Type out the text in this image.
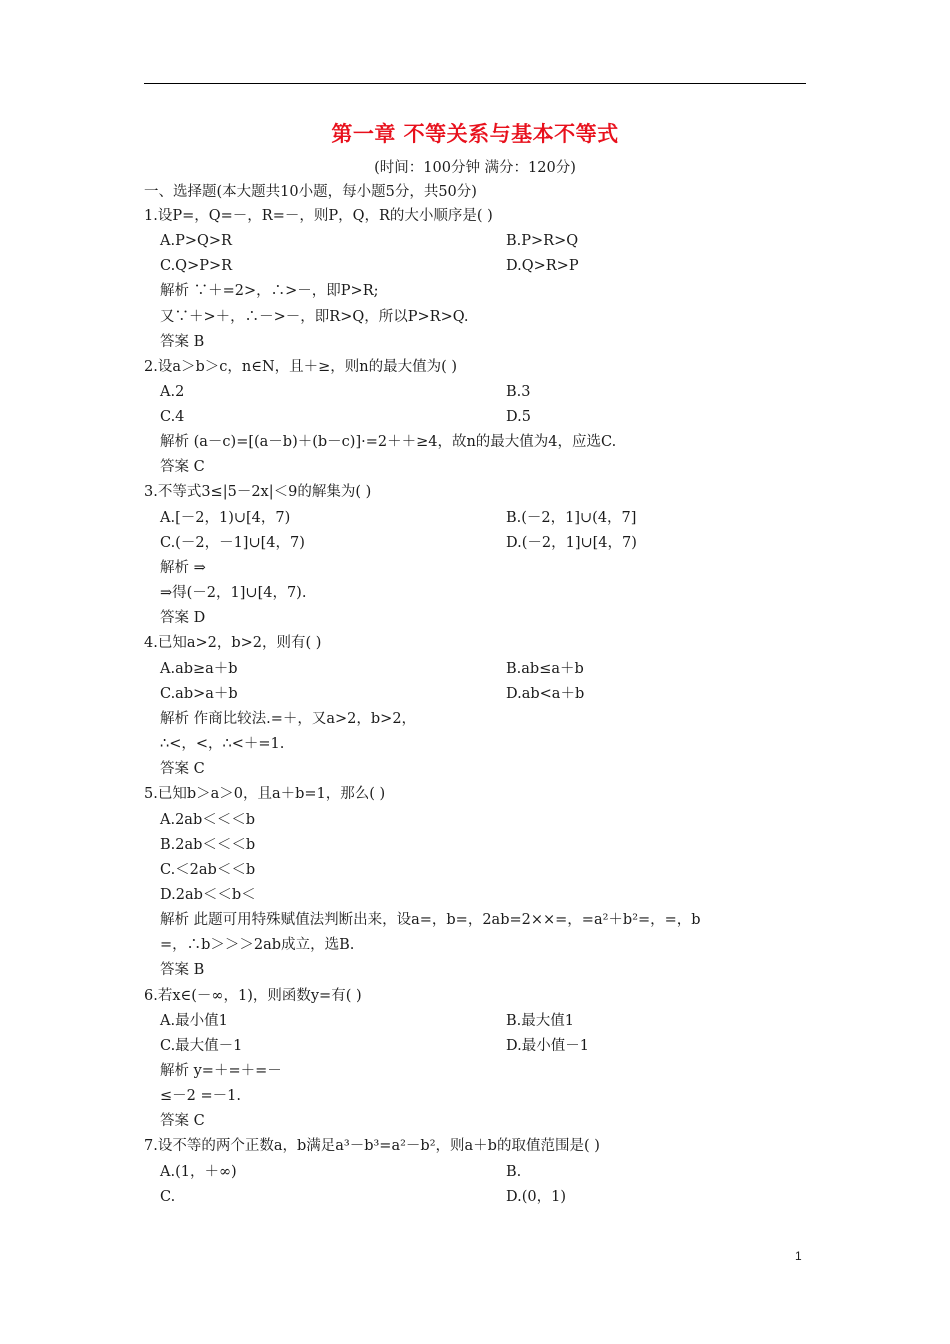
第一章 不等关系与基本不等式
(时间：100分钟 满分：120分)
一、选择题(本大题共10小题，每小题5分，共50分)
1.设P=，Q=－，R=－，则P，Q，R的大小顺序是( )
A.P>Q>R	B.P>R>Q
C.Q>P>R	D.Q>R>P
解析 ∵＋=2>，∴>－，即P>R;
又∵＋>＋，∴－>－，即R>Q，所以P>R>Q.
答案 B
2.设a＞b＞c，n∈N，且＋≥，则n的最大值为( )
A.2	B.3
C.4	D.5
解析 (a－c)=[(a－b)＋(b－c)]·=2＋＋≥4，故n的最大值为4，应选C.
答案 C
3.不等式3≤|5－2x|＜9的解集为( )
A.[－2，1)∪[4，7)	B.(－2，1]∪(4，7]
C.(－2，－1]∪[4，7)	D.(－2，1]∪[4，7)
解析 ⇒
⇒得(－2，1]∪[4，7).
答案 D
4.已知a>2，b>2，则有( )
A.ab≥a＋b	B.ab≤a＋b
C.ab>a＋b	D.ab<a＋b
解析 作商比较法.=＋，又a>2，b>2，
∴<，<，∴<＋=1.
答案 C
5.已知b＞a＞0，且a＋b=1，那么( )
A.2ab＜＜＜b
B.2ab＜＜＜b
C.＜2ab＜＜b
D.2ab＜＜b＜
解析 此题可用特殊赋值法判断出来，设a=，b=，2ab=2××=，=a²＋b²=，=，b
=，∴b＞＞＞2ab成立，选B.
答案 B
6.若x∈(－∞，1)，则函数y=有( )
A.最小值1	B.最大值1
C.最大值－1	D.最小值－1
解析 y=＋=＋=－
≤－2 =－1.
答案 C
7.设不等的两个正数a，b满足a³－b³=a²－b²，则a＋b的取值范围是( )
A.(1，＋∞)	B.
C.	D.(0，1)
1
